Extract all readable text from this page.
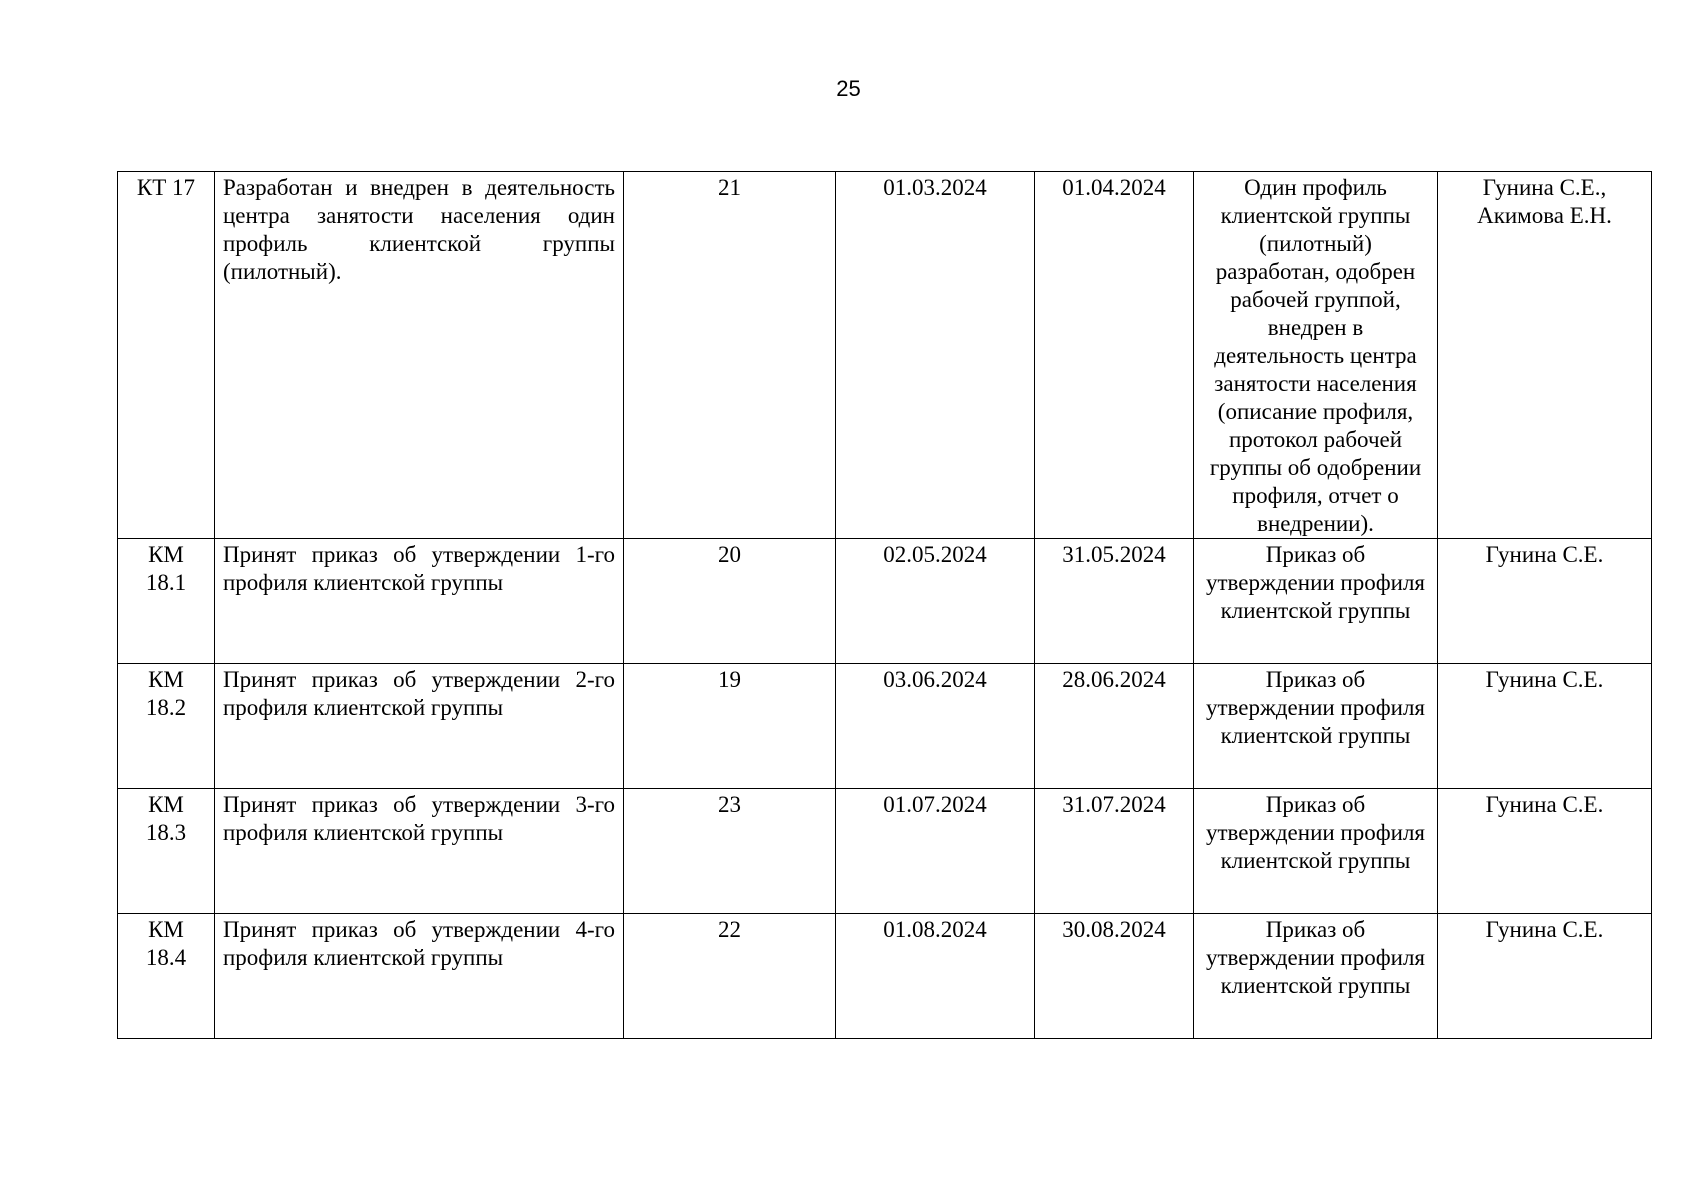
25
КТ 17	Разработан и внедрен в деятельность центра занятости населения один профиль клиентской группы (пилотный).	21	01.03.2024	01.04.2024	Один профиль клиентской группы (пилотный) разработан, одобрен рабочей группой, внедрен в деятельность центра занятости населения (описание профиля, протокол рабочей группы об одобрении профиля, отчет о внедрении).	Гунина С.Е., Акимова Е.Н.
КМ 18.1	Принят приказ об утверждении 1-го профиля клиентской группы	20	02.05.2024	31.05.2024	Приказ об утверждении профиля клиентской группы	Гунина С.Е.
КМ 18.2	Принят приказ об утверждении 2-го профиля клиентской группы	19	03.06.2024	28.06.2024	Приказ об утверждении профиля клиентской группы	Гунина С.Е.
КМ 18.3	Принят приказ об утверждении 3-го профиля клиентской группы	23	01.07.2024	31.07.2024	Приказ об утверждении профиля клиентской группы	Гунина С.Е.
КМ 18.4	Принят приказ об утверждении 4-го профиля клиентской группы	22	01.08.2024	30.08.2024	Приказ об утверждении профиля клиентской группы	Гунина С.Е.
